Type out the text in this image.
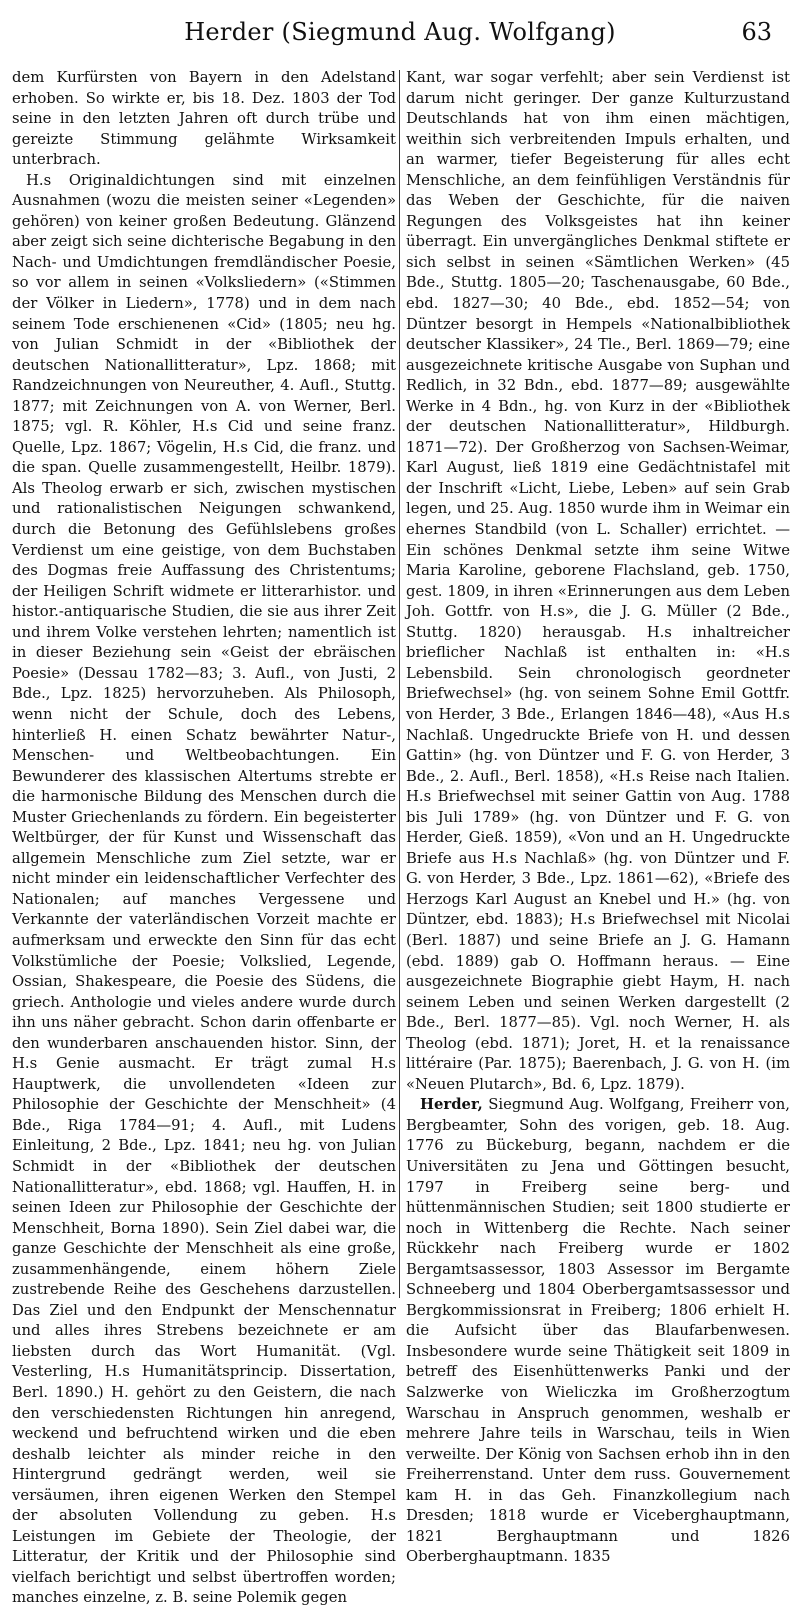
Herder (Siegmund Aug. Wolfgang)	63

dem Kurfürsten von Bayern in den Adelstand erhoben. So wirkte er, bis 18. Dez. 1803 der Tod seine in den letzten Jahren oft durch trübe und gereizte Stimmung gelähmte Wirksamkeit unterbrach.

H.s Originaldichtungen sind mit einzelnen Ausnahmen (wozu die meisten seiner «Legenden» gehören) von keiner großen Bedeutung. Glänzend aber zeigt sich seine dichterische Begabung in den Nach- und Umdichtungen fremdländischer Poesie, so vor allem in seinen «Volksliedern» («Stimmen der Völker in Liedern», 1778) und in dem nach seinem Tode erschienenen «Cid» (1805; neu hg. von Julian Schmidt in der «Bibliothek der deutschen Nationallitteratur», Lpz. 1868; mit Randzeichnungen von Neureuther, 4. Aufl., Stuttg. 1877; mit Zeichnungen von A. von Werner, Berl. 1875; vgl. R. Köhler, H.s Cid und seine franz. Quelle, Lpz. 1867; Vögelin, H.s Cid, die franz. und die span. Quelle zusammengestellt, Heilbr. 1879). Als Theolog erwarb er sich, zwischen mystischen und rationalistischen Neigungen schwankend, durch die Betonung des Gefühlslebens großes Verdienst um eine geistige, von dem Buchstaben des Dogmas freie Auffassung des Christentums; der Heiligen Schrift widmete er litterarhistor. und histor.-antiquarische Studien, die sie aus ihrer Zeit und ihrem Volke verstehen lehrten; namentlich ist in dieser Beziehung sein «Geist der ebräischen Poesie» (Dessau 1782—83; 3. Aufl., von Justi, 2 Bde., Lpz. 1825) hervorzuheben. Als Philosoph, wenn nicht der Schule, doch des Lebens, hinterließ H. einen Schatz bewährter Natur-, Menschen- und Weltbeobachtungen. Ein Bewunderer des klassischen Altertums strebte er die harmonische Bildung des Menschen durch die Muster Griechenlands zu fördern. Ein begeisterter Weltbürger, der für Kunst und Wissenschaft das allgemein Menschliche zum Ziel setzte, war er nicht minder ein leidenschaftlicher Verfechter des Nationalen; auf manches Vergessene und Verkannte der vaterländischen Vorzeit machte er aufmerksam und erweckte den Sinn für das echt Volkstümliche der Poesie; Volkslied, Legende, Ossian, Shakespeare, die Poesie des Südens, die griech. Anthologie und vieles andere wurde durch ihn uns näher gebracht. Schon darin offenbarte er den wunderbaren anschauenden histor. Sinn, der H.s Genie ausmacht. Er trägt zumal H.s Hauptwerk, die unvollendeten «Ideen zur Philosophie der Geschichte der Menschheit» (4 Bde., Riga 1784—91; 4. Aufl., mit Ludens Einleitung, 2 Bde., Lpz. 1841; neu hg. von Julian Schmidt in der «Bibliothek der deutschen Nationallitteratur», ebd. 1868; vgl. Hauffen, H. in seinen Ideen zur Philosophie der Geschichte der Menschheit, Borna 1890). Sein Ziel dabei war, die ganze Geschichte der Menschheit als eine große, zusammenhängende, einem höhern Ziele zustrebende Reihe des Geschehens darzustellen. Das Ziel und den Endpunkt der Menschennatur und alles ihres Strebens bezeichnete er am liebsten durch das Wort Humanität. (Vgl. Vesterling, H.s Humanitätsprincip. Dissertation, Berl. 1890.) H. gehört zu den Geistern, die nach den verschiedensten Richtungen hin anregend, weckend und befruchtend wirken und die eben deshalb leichter als minder reiche in den Hintergrund gedrängt werden, weil sie versäumen, ihren eigenen Werken den Stempel der absoluten Vollendung zu geben. H.s Leistungen im Gebiete der Theologie, der Litteratur, der Kritik und der Philosophie sind vielfach berichtigt und selbst übertroffen worden; manches einzelne, z. B. seine Polemik gegen

Kant, war sogar verfehlt; aber sein Verdienst ist darum nicht geringer. Der ganze Kulturzustand Deutschlands hat von ihm einen mächtigen, weithin sich verbreitenden Impuls erhalten, und an warmer, tiefer Begeisterung für alles echt Menschliche, an dem feinfühligen Verständnis für das Weben der Geschichte, für die naiven Regungen des Volksgeistes hat ihn keiner überragt. Ein unvergängliches Denkmal stiftete er sich selbst in seinen «Sämtlichen Werken» (45 Bde., Stuttg. 1805—20; Taschenausgabe, 60 Bde., ebd. 1827—30; 40 Bde., ebd. 1852—54; von Düntzer besorgt in Hempels «Nationalbibliothek deutscher Klassiker», 24 Tle., Berl. 1869—79; eine ausgezeichnete kritische Ausgabe von Suphan und Redlich, in 32 Bdn., ebd. 1877—89; ausgewählte Werke in 4 Bdn., hg. von Kurz in der «Bibliothek der deutschen Nationallitteratur», Hildburgh. 1871—72). Der Großherzog von Sachsen-Weimar, Karl August, ließ 1819 eine Gedächtnistafel mit der Inschrift «Licht, Liebe, Leben» auf sein Grab legen, und 25. Aug. 1850 wurde ihm in Weimar ein ehernes Standbild (von L. Schaller) errichtet. — Ein schönes Denkmal setzte ihm seine Witwe Maria Karoline, geborene Flachsland, geb. 1750, gest. 1809, in ihren «Erinnerungen aus dem Leben Joh. Gottfr. von H.s», die J. G. Müller (2 Bde., Stuttg. 1820) herausgab. H.s inhaltreicher brieflicher Nachlaß ist enthalten in: «H.s Lebensbild. Sein chronologisch geordneter Briefwechsel» (hg. von seinem Sohne Emil Gottfr. von Herder, 3 Bde., Erlangen 1846—48), «Aus H.s Nachlaß. Ungedruckte Briefe von H. und dessen Gattin» (hg. von Düntzer und F. G. von Herder, 3 Bde., 2. Aufl., Berl. 1858), «H.s Reise nach Italien. H.s Briefwechsel mit seiner Gattin von Aug. 1788 bis Juli 1789» (hg. von Düntzer und F. G. von Herder, Gieß. 1859), «Von und an H. Ungedruckte Briefe aus H.s Nachlaß» (hg. von Düntzer und F. G. von Herder, 3 Bde., Lpz. 1861—62), «Briefe des Herzogs Karl August an Knebel und H.» (hg. von Düntzer, ebd. 1883); H.s Briefwechsel mit Nicolai (Berl. 1887) und seine Briefe an J. G. Hamann (ebd. 1889) gab O. Hoffmann heraus. — Eine ausgezeichnete Biographie giebt Haym, H. nach seinem Leben und seinen Werken dargestellt (2 Bde., Berl. 1877—85). Vgl. noch Werner, H. als Theolog (ebd. 1871); Joret, H. et la renaissance littéraire (Par. 1875); Baerenbach, J. G. von H. (im «Neuen Plutarch», Bd. 6, Lpz. 1879).

Herder, Siegmund Aug. Wolfgang, Freiherr von, Bergbeamter, Sohn des vorigen, geb. 18. Aug. 1776 zu Bückeburg, begann, nachdem er die Universitäten zu Jena und Göttingen besucht, 1797 in Freiberg seine berg- und hüttenmännischen Studien; seit 1800 studierte er noch in Wittenberg die Rechte. Nach seiner Rückkehr nach Freiberg wurde er 1802 Bergamtsassessor, 1803 Assessor im Bergamte Schneeberg und 1804 Oberbergamtsassessor und Bergkommissionsrat in Freiberg; 1806 erhielt H. die Aufsicht über das Blaufarbenwesen. Insbesondere wurde seine Thätigkeit seit 1809 in betreff des Eisenhüttenwerks Panki und der Salzwerke von Wieliczka im Großherzogtum Warschau in Anspruch genommen, weshalb er mehrere Jahre teils in Warschau, teils in Wien verweilte. Der König von Sachsen erhob ihn in den Freiherrenstand. Unter dem russ. Gouvernement kam H. in das Geh. Finanzkollegium nach Dresden; 1818 wurde er Viceberghauptmann, 1821 Berghauptmann und 1826 Oberberghauptmann. 1835
